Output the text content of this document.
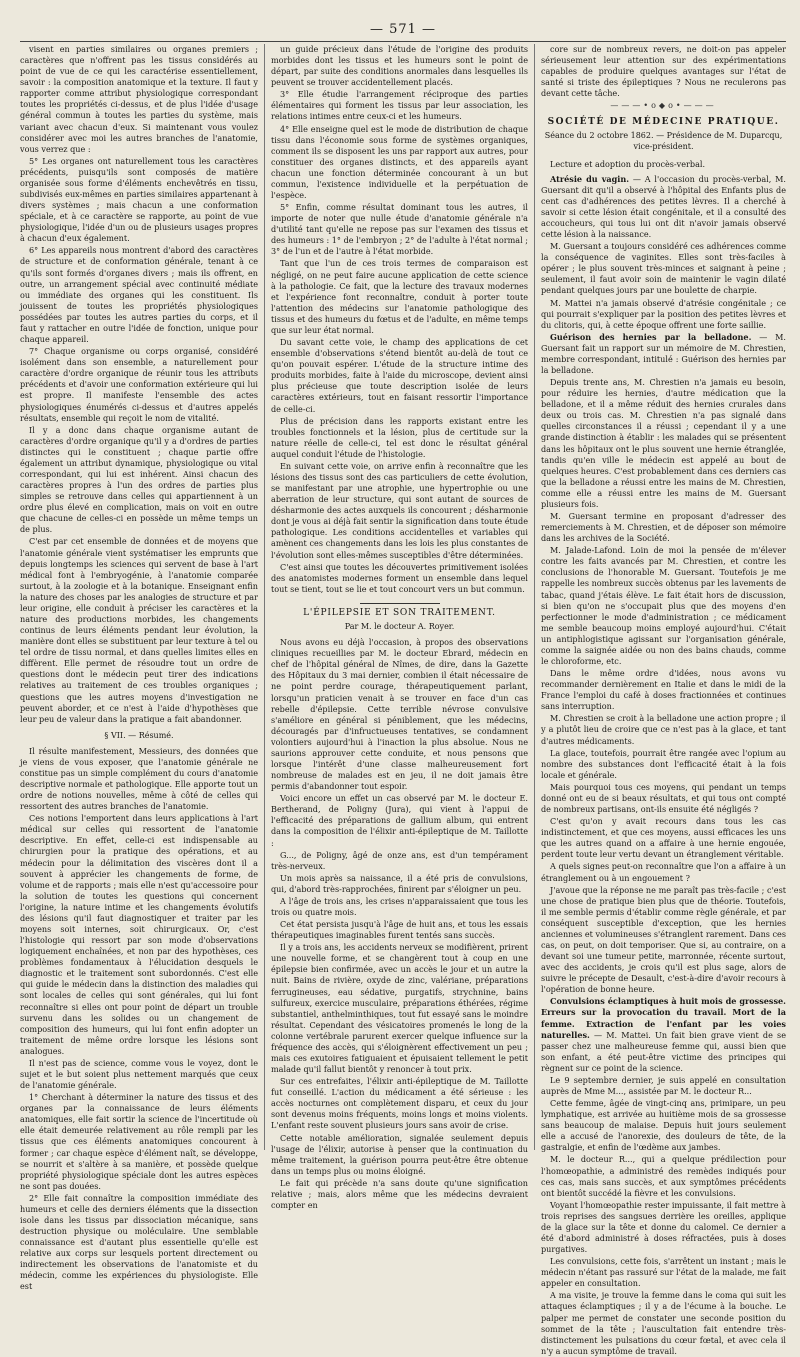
— 571 —

visent en parties similaires ou organes premiers ; caractères que n'offrent pas les tissus considérés au point de vue de ce qui les caractérise essentiellement, savoir : la composition anatomique et la texture. Il faut y rapporter comme attribut physiologique correspondant toutes les propriétés ci-dessus, et de plus l'idée d'usage général commun à toutes les parties du système, mais variant avec chacun d'eux. Si maintenant vous voulez considérer avec moi les autres branches de l'anatomie, vous verrez que :

5° Les organes ont naturellement tous les caractères précédents, puisqu'ils sont composés de matière organisée sous forme d'éléments enchevêtrés en tissu, subdivisés eux-mêmes en parties similaires appartenant à divers systèmes ; mais chacun a une conformation spéciale, et à ce caractère se rapporte, au point de vue physiologique, l'idée d'un ou de plusieurs usages propres à chacun d'eux également.

6° Les appareils nous montrent d'abord des caractères de structure et de conformation générale, tenant à ce qu'ils sont formés d'organes divers ; mais ils offrent, en outre, un arrangement spécial avec continuité médiate ou immédiate des organes qui les constituent. Ils jouissent de toutes les propriétés physiologiques possédées par toutes les autres parties du corps, et il faut y rattacher en outre l'idée de fonction, unique pour chaque appareil.

7° Chaque organisme ou corps organisé, considéré isolément dans son ensemble, a naturellement pour caractère d'ordre organique de réunir tous les attributs précédents et d'avoir une conformation extérieure qui lui est propre. Il manifeste l'ensemble des actes physiologiques énumérés ci-dessus et d'autres appelés résultats, ensemble qui reçoit le nom de vitalité.

Il y a donc dans chaque organisme autant de caractères d'ordre organique qu'il y a d'ordres de parties distinctes qui le constituent ; chaque partie offre également un attribut dynamique, physiologique ou vital correspondant, qui lui est inhérent. Ainsi chacun des caractères propres à l'un des ordres de parties plus simples se retrouve dans celles qui appartiennent à un ordre plus élevé en complication, mais on voit en outre que chacune de celles-ci en possède un même temps un de plus.

C'est par cet ensemble de données et de moyens que l'anatomie générale vient systématiser les emprunts que depuis longtemps les sciences qui servent de base à l'art médical font à l'embryogénie, à l'anatomie comparée surtout, à la zoologie et à la botanique. Enseignant enfin la nature des choses par les analogies de structure et par leur origine, elle conduit à préciser les caractères et la nature des productions morbides, les changements continus de leurs éléments pendant leur évolution, la manière dont elles se substituent par leur texture à tel ou tel ordre de tissu normal, et dans quelles limites elles en diffèrent. Elle permet de résoudre tout un ordre de questions dont le médecin peut tirer des indications relatives au traitement de ces troubles organiques ; questions que les autres moyens d'investigation ne peuvent aborder, et ce n'est à l'aide d'hypothèses que leur peu de valeur dans la pratique a fait abandonner.

§ VII. — Résumé.

Il résulte manifestement, Messieurs, des données que je viens de vous exposer, que l'anatomie générale ne constitue pas un simple complément du cours d'anatomie descriptive normale et pathologique. Elle apporte tout un ordre de notions nouvelles, même à côté de celles qui ressortent des autres branches de l'anatomie.

Ces notions l'emportent dans leurs applications à l'art médical sur celles qui ressortent de l'anatomie descriptive. En effet, celle-ci est indispensable au chirurgien pour la pratique des opérations, et au médecin pour la délimitation des viscères dont il a souvent à apprécier les changements de forme, de volume et de rapports ; mais elle n'est qu'accessoire pour la solution de toutes les questions qui concernent l'origine, la nature intime et les changements évolutifs des lésions qu'il faut diagnostiquer et traiter par les moyens soit internes, soit chirurgicaux. Or, c'est l'histologie qui ressort par son mode d'observations logiquement enchaînées, et non par des hypothèses, ces problèmes fondamentaux à l'élucidation desquels le diagnostic et le traitement sont subordonnés. C'est elle qui guide le médecin dans la distinction des maladies qui sont locales de celles qui sont générales, qui lui font reconnaître si elles ont pour point de départ un trouble survenu dans les solides ou un changement de composition des humeurs, qui lui font enfin adopter un traitement de même ordre lorsque les lésions sont analogues.

Il n'est pas de science, comme vous le voyez, dont le sujet et le but soient plus nettement marqués que ceux de l'anatomie générale.

1° Cherchant à déterminer la nature des tissus et des organes par la connaissance de leurs éléments anatomiques, elle fait sortir la science de l'incertitude où elle était demeurée relativement au rôle rempli par les tissus que ces éléments anatomiques concourent à former ; car chaque espèce d'élément naît, se développe, se nourrit et s'altère à sa manière, et possède quelque propriété physiologique spéciale dont les autres espèces ne sont pas douées.

2° Elle fait connaître la composition immédiate des humeurs et celle des derniers éléments que la dissection isole dans les tissus par dissociation mécanique, sans destruction physique ou moléculaire. Une semblable connaissance est d'autant plus essentielle qu'elle est relative aux corps sur lesquels portent directement ou indirectement les observations de l'anatomiste et du médecin, comme les expériences du physiologiste. Elle est

un guide précieux dans l'étude de l'origine des produits morbides dont les tissus et les humeurs sont le point de départ, par suite des conditions anormales dans lesquelles ils peuvent se trouver accidentellement placés.

3° Elle étudie l'arrangement réciproque des parties élémentaires qui forment les tissus par leur association, les relations intimes entre ceux-ci et les humeurs.

4° Elle enseigne quel est le mode de distribution de chaque tissu dans l'économie sous forme de systèmes organiques, comment ils se disposent les uns par rapport aux autres, pour constituer des organes distincts, et des appareils ayant chacun une fonction déterminée concourant à un but commun, l'existence individuelle et la perpétuation de l'espèce.

5° Enfin, comme résultat dominant tous les autres, il importe de noter que nulle étude d'anatomie générale n'a d'utilité tant qu'elle ne repose pas sur l'examen des tissus et des humeurs : 1° de l'embryon ; 2° de l'adulte à l'état normal ; 3° de l'un et de l'autre à l'état morbide.

Tant que l'un de ces trois termes de comparaison est négligé, on ne peut faire aucune application de cette science à la pathologie. Ce fait, que la lecture des travaux modernes et l'expérience font reconnaître, conduit à porter toute l'attention des médecins sur l'anatomie pathologique des tissus et des humeurs du fœtus et de l'adulte, en même temps que sur leur état normal.

Du savant cette voie, le champ des applications de cet ensemble d'observations s'étend bientôt au-delà de tout ce qu'on pouvait espérer. L'étude de la structure intime des produits morbides, faite à l'aide du microscope, devient ainsi plus précieuse que toute description isolée de leurs caractères extérieurs, tout en faisant ressortir l'importance de celle-ci.

Plus de précision dans les rapports existant entre les troubles fonctionnels et la lésion, plus de certitude sur la nature réelle de celle-ci, tel est donc le résultat général auquel conduit l'étude de l'histologie.

En suivant cette voie, on arrive enfin à reconnaître que les lésions des tissus sont des cas particuliers de cette évolution, se manifestant par une atrophie, une hypertrophie ou une aberration de leur structure, qui sont autant de sources de désharmonie des actes auxquels ils concourent ; désharmonie dont je vous ai déjà fait sentir la signification dans toute étude pathologique. Les conditions accidentelles et variables qui amènent ces changements dans les lois les plus constantes de l'évolution sont elles-mêmes susceptibles d'être déterminées.

C'est ainsi que toutes les découvertes primitivement isolées des anatomistes modernes forment un ensemble dans lequel tout se tient, tout se lie et tout concourt vers un but commun.

L'ÉPILEPSIE ET SON TRAITEMENT.
Par M. le docteur A. Royer.

Nous avons eu déjà l'occasion, à propos des observations cliniques recueillies par M. le docteur Ebrard, médecin en chef de l'hôpital général de Nîmes, de dire, dans la Gazette des Hôpitaux du 3 mai dernier, combien il était nécessaire de ne point perdre courage, thérapeutiquement parlant, lorsqu'un praticien venait à se trouver en face d'un cas rebelle d'épilepsie. Cette terrible névrose convulsive s'améliore en général si péniblement, que les médecins, découragés par d'infructueuses tentatives, se condamnent volontiers aujourd'hui à l'inaction la plus absolue. Nous ne saurions approuver cette conduite, et nous pensons que lorsque l'intérêt d'une classe malheureusement fort nombreuse de malades est en jeu, il ne doit jamais être permis d'abandonner tout espoir.

Voici encore un effet un cas observé par M. le docteur E. Bertherand, de Poligny (Jura), qui vient à l'appui de l'efficacité des préparations de gallium album, qui entrent dans la composition de l'élixir anti-épileptique de M. Taillotte :

G..., de Poligny, âgé de onze ans, est d'un tempérament très-nerveux.

Un mois après sa naissance, il a été pris de convulsions, qui, d'abord très-rapprochées, finirent par s'éloigner un peu.

A l'âge de trois ans, les crises n'apparaissaient que tous les trois ou quatre mois.

Cet état persista jusqu'à l'âge de huit ans, et tous les essais thérapeutiques imaginables furent tentés sans succès.

Il y a trois ans, les accidents nerveux se modifièrent, prirent une nouvelle forme, et se changèrent tout à coup en une épilepsie bien confirmée, avec un accès le jour et un autre la nuit. Bains de rivière, oxyde de zinc, valériane, préparations ferrugineuses, eau sédative, purgatifs, strychnine, bains sulfureux, exercice musculaire, préparations éthérées, régime substantiel, anthelminthiques, tout fut essayé sans le moindre résultat. Cependant des vésicatoires promenés le long de la colonne vertébrale parurent exercer quelque influence sur la fréquence des accès, qui s'éloignèrent effectivement un peu ; mais ces exutoires fatiguaient et épuisaient tellement le petit malade qu'il fallut bientôt y renoncer à tout prix.

Sur ces entrefaites, l'élixir anti-épileptique de M. Taillotte fut conseillé. L'action du médicament a été sérieuse : les accès nocturnes ont complètement disparu, et ceux du jour sont devenus moins fréquents, moins longs et moins violents. L'enfant reste souvent plusieurs jours sans avoir de crise.

Cette notable amélioration, signalée seulement depuis l'usage de l'élixir, autorise à penser que la continuation du même traitement, la guérison pourra peut-être être obtenue dans un temps plus ou moins éloigné.

Le fait qui précède n'a sans doute qu'une signification relative ; mais, alors même que les médecins devraient compter en

core sur de nombreux revers, ne doit-on pas appeler sérieusement leur attention sur des expérimentations capables de produire quelques avantages sur l'état de santé si triste des épileptiques ? Nous ne reculerons pas devant cette tâche.

———•o◆o•———
SOCIÉTÉ DE MÉDECINE PRATIQUE.
Séance du 2 octobre 1862. — Présidence de M. Duparcqu, vice-président.

Lecture et adoption du procès-verbal.

Atrésie du vagin. — A l'occasion du procès-verbal, M. Guersant dit qu'il a observé à l'hôpital des Enfants plus de cent cas d'adhérences des petites lèvres. Il a cherché à savoir si cette lésion était congénitale, et il a consulté des accoucheurs, qui tous lui ont dit n'avoir jamais observé cette lésion à la naissance.

M. Guersant a toujours considéré ces adhérences comme la conséquence de vaginites. Elles sont très-faciles à opérer ; le plus souvent très-minces et saignant à peine ; seulement, il faut avoir soin de maintenir le vagin dilaté pendant quelques jours par une boulette de charpie.

M. Mattei n'a jamais observé d'atrésie congénitale ; ce qui pourrait s'expliquer par la position des petites lèvres et du clitoris, qui, à cette époque offrent une forte saillie.

Guérison des hernies par la belladone. — M. Guersant fait un rapport sur un mémoire de M. Chrestien, membre correspondant, intitulé : Guérison des hernies par la belladone.

Depuis trente ans, M. Chrestien n'a jamais eu besoin, pour réduire les hernies, d'autre médication que la belladone, et il a même réduit des hernies crurales dans deux ou trois cas. M. Chrestien n'a pas signalé dans quelles circonstances il a réussi ; cependant il y a une grande distinction à établir : les malades qui se présentent dans les hôpitaux ont le plus souvent une hernie étranglée, tandis qu'en ville le médecin est appelé au bout de quelques heures. C'est probablement dans ces derniers cas que la belladone a réussi entre les mains de M. Chrestien, comme elle a réussi entre les mains de M. Guersant plusieurs fois.

M. Guersant termine en proposant d'adresser des remerciements à M. Chrestien, et de déposer son mémoire dans les archives de la Société.

M. Jalade-Lafond. Loin de moi la pensée de m'élever contre les faits avancés par M. Chrestien, et contre les conclusions de l'honorable M. Guersant. Toutefois je me rappelle les nombreux succès obtenus par les lavements de tabac, quand j'étais élève. Le fait était hors de discussion, si bien qu'on ne s'occupait plus que des moyens d'en perfectionner le mode d'administration ; ce médicament me semble beaucoup moins employé aujourd'hui. C'était un antiphlogistique agissant sur l'organisation générale, comme la saignée aidée ou non des bains chauds, comme le chloroforme, etc.

Dans le même ordre d'idées, nous avons vu recommander dernièrement en Italie et dans le midi de la France l'emploi du café à doses fractionnées et continues sans interruption.

M. Chrestien se croit à la belladone une action propre ; il y a plutôt lieu de croire que ce n'est pas à la glace, et tant d'autres médicaments.

La glace, toutefois, pourrait être rangée avec l'opium au nombre des substances dont l'efficacité était à la fois locale et générale.

Mais pourquoi tous ces moyens, qui pendant un temps donné ont eu de si beaux résultats, et qui tous ont compté de nombreux partisans, ont-ils ensuite été négligés ?

C'est qu'on y avait recours dans tous les cas indistinctement, et que ces moyens, aussi efficaces les uns que les autres quand on a affaire à une hernie engouée, perdent toute leur vertu devant un étranglement véritable.

A quels signes peut-on reconnaître que l'on a affaire à un étranglement ou à un engouement ?

J'avoue que la réponse ne me paraît pas très-facile ; c'est une chose de pratique bien plus que de théorie. Toutefois, il me semble permis d'établir comme règle générale, et par conséquent susceptible d'exception, que les hernies anciennes et volumineuses s'étranglent rarement. Dans ces cas, on peut, on doit temporiser. Que si, au contraire, on a devant soi une tumeur petite, marronnée, récente surtout, avec des accidents, je crois qu'il est plus sage, alors de suivre le précepte de Desault, c'est-à-dire d'avoir recours à l'opération de bonne heure.

Convulsions éclamptiques à huit mois de grossesse. Erreurs sur la provocation du travail. Mort de la femme. Extraction de l'enfant par les voies naturelles. — M. Mattei. Un fait bien grave vient de se passer chez une malheureuse femme qui, aussi bien que son enfant, a été peut-être victime des principes qui règnent sur ce point de la science.

Le 9 septembre dernier, je suis appelé en consultation auprès de Mme M..., assistée par M. le docteur R...

Cette femme, âgée de vingt-cinq ans, primipare, un peu lymphatique, est arrivée au huitième mois de sa grossesse sans beaucoup de malaise. Depuis huit jours seulement elle a accusé de l'anorexie, des douleurs de tête, de la gastralgie, et enfin de l'œdème aux jambes.

M. le docteur R..., qui a quelque prédilection pour l'homœopathie, a administré des remèdes indiqués pour ces cas, mais sans succès, et aux symptômes précédents ont bientôt succédé la fièvre et les convulsions.

Voyant l'homœopathie rester impuissante, il fait mettre à trois reprises des sangsues derrière les oreilles, applique de la glace sur la tête et donne du calomel. Ce dernier a été d'abord administré à doses réfractées, puis à doses purgatives.

Les convulsions, cette fois, s'arrêtent un instant ; mais le médecin n'étant pas rassuré sur l'état de la malade, me fait appeler en consultation.

A ma visite, je trouve la femme dans le coma qui suit les attaques éclamptiques ; il y a de l'écume à la bouche. Le palper me permet de constater une seconde position du sommet de la tête ; l'auscultation fait entendre très-distinctement les pulsations du cœur fœtal, et avec cela il n'y a aucun symptôme de travail.
